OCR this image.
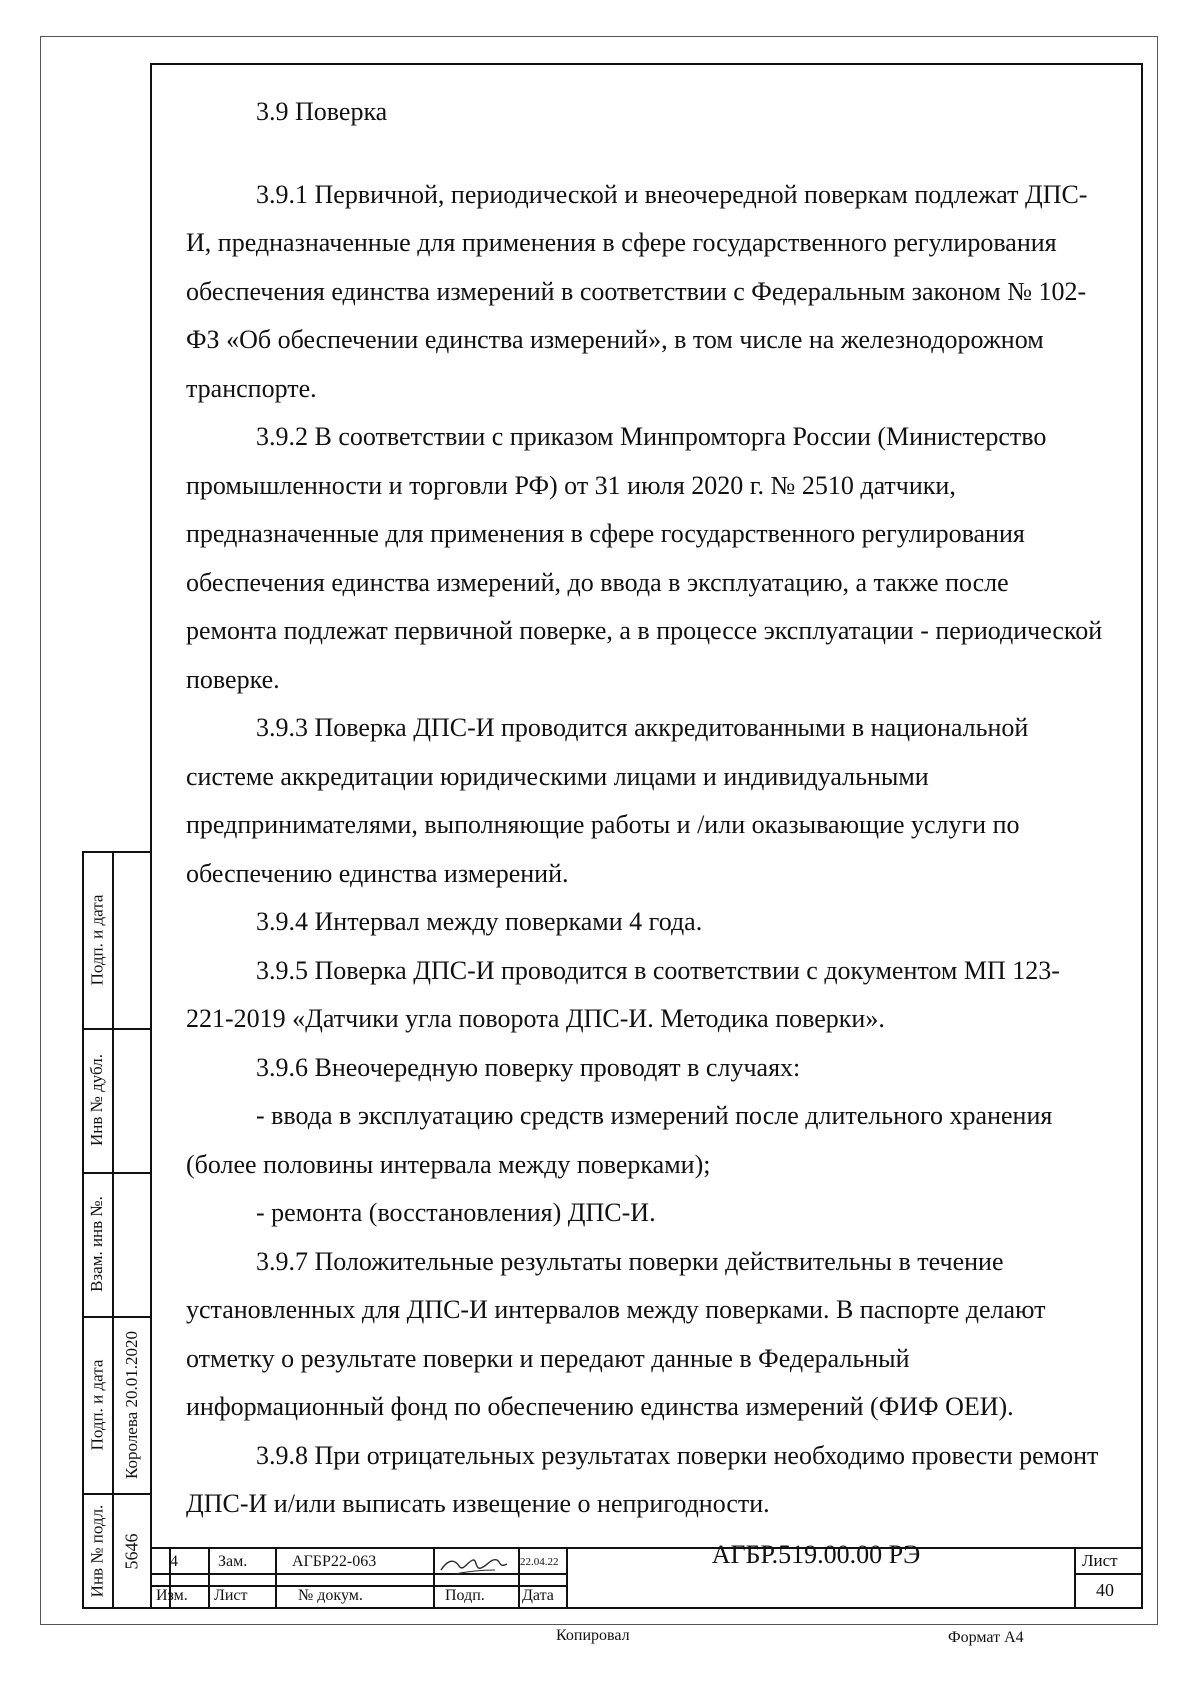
3.9 Поверка

3.9.1 Первичной, периодической и внеочередной поверкам подлежат ДПС-И, предназначенные для применения в сфере государственного регулирования обеспечения единства измерений в соответствии с Федеральным законом № 102-ФЗ «Об обеспечении единства измерений», в том числе на железнодорожном транспорте.

3.9.2 В соответствии с приказом Минпромторга России (Министерство промышленности и торговли РФ) от 31 июля 2020 г. № 2510 датчики, предназначенные для применения в сфере государственного регулирования обеспечения единства измерений, до ввода в эксплуатацию, а также после ремонта подлежат первичной поверке, а в процессе эксплуатации - периодической поверке.

3.9.3 Поверка ДПС-И проводится аккредитованными в национальной системе аккредитации юридическими лицами и индивидуальными предпринимателями, выполняющие работы и /или оказывающие услуги по обеспечению единства измерений.

3.9.4 Интервал между поверками 4 года.

3.9.5 Поверка ДПС-И проводится в соответствии с документом МП 123-221-2019 «Датчики угла поворота ДПС-И. Методика поверки».

3.9.6 Внеочередную поверку проводят в случаях:

- ввода в эксплуатацию средств измерений после длительного хранения (более половины интервала между поверками);

- ремонта (восстановления) ДПС-И.

3.9.7 Положительные результаты поверки действительны в течение установленных для ДПС-И интервалов между поверками. В паспорте делают отметку о результате поверки и передают данные в Федеральный информационный фонд по обеспечению единства измерений (ФИФ ОЕИ).

3.9.8 При отрицательных результатах поверки необходимо провести ремонт ДПС-И и/или выписать извещение о непригодности.

Подп. и дата
Инв № дубл.
Взам. инв №.
Подп. и дата Королева 20.01.2020
Инв № подл. 5646 4	Зам.	АГБР22-063	22.04.22
Изм. Лист	№ докум.	Подп. Дата
АГБР.519.00.00 РЭ	Лист
40
Копировал	Формат А4
